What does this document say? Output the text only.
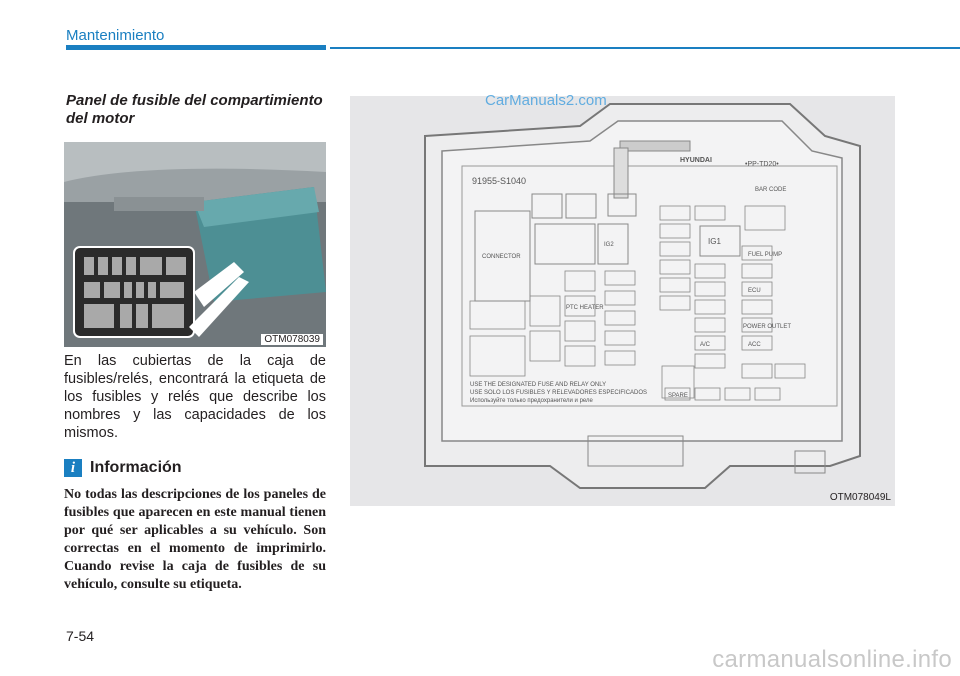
Mantenimiento
Panel de fusible del compartimiento del motor
OTM078039
En las cubiertas de la caja de fusibles/relés, encontrará la etiqueta de los fusibles y relés que describe los nombres y las capacidades de los mismos.
i Información
No todas las descripciones de los paneles de fusibles que aparecen en este manual tienen por qué ser aplicables a su vehículo. Son correctas en el momento de imprimirlo. Cuando revise la caja de fusibles de su vehículo, consulte su etiqueta.
91955-S1040
HYUNDAI
•PP-TD20•
BAR CODE
CONNECTOR
IG2	IG1
FUEL PUMP
ECU
PTC HEATER
POWER OUTLET
A/C	ACC
SPARE
USE THE DESIGNATED FUSE AND RELAY ONLY
USE SOLO LOS FUSIBLES Y RELEVADORES ESPECIFICADOS
Используйте только предохранители и реле
OTM078049L
CarManuals2.com
7-54
carmanualsonline.info
